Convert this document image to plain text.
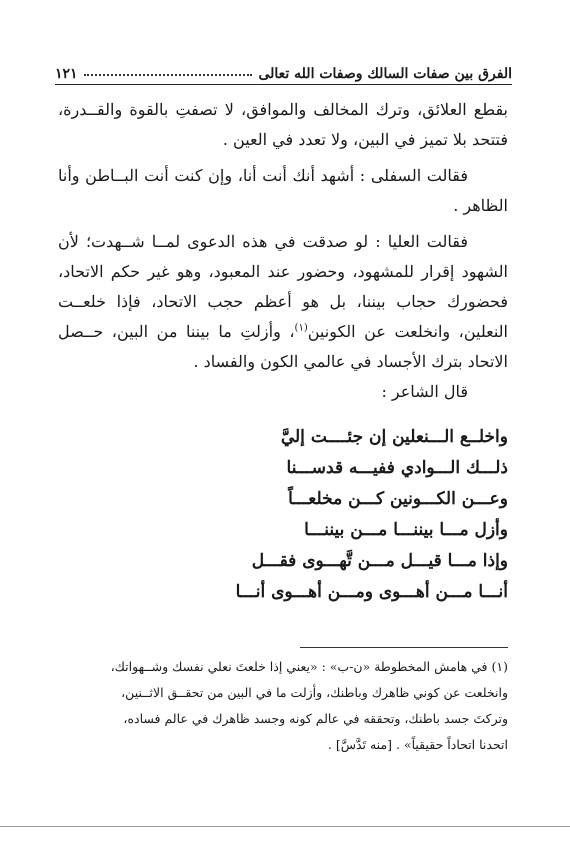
الفرق بين صفات السالك وصفات الله تعالى
١٢١

بقطع العلائق، وترك المخالف والموافق، لا تصفتِ بالقوة والقــدرة، فتتحد بلا تميز في البين، ولا تعدد في العين .

فقالت السفلى : أشهد أنك أنت أنا، وإن كنت أنت البــاطن وأنا الظاهر .

فقالت العليا : لو صدقت في هذه الدعوى لمــا شــهدت؛ لأن الشهود إقرار للمشهود، وحضور عند المعبود، وهو غير حكم الاتحاد، فحضورك حجاب بيننا، بل هو أعظم حجب الاتحاد، فإذا خلعــت النعلين، وانخلعت عن الكونين$^{(١)}$، وأزلتِ ما بيننا من البين، حــصل الاتحاد بترك الأجساد في عالمي الكون والفساد .

قال الشاعر :

واخلــع الـــنعلين إن جئــــت إليَّ
ذلـــك الـــوادي ففيـــه قدســـنا
وعـــن الكـــونين كـــن مخلعـــاً
وأزل مـــا بيننـــا مـــن بيننـــا
وإذا مـــا قيـــل مـــن تَّهـــوى فقـــل
أنـــا مـــن أهـــوى ومـــن أهـــوى أنـــا

(١) في هامش المخطوطة «ن-ب» : «يعني إذا خلعتَ نعلي نفسك وشــهواتك،

وانخلعت عن كوني ظاهرك وباطنك، وأزلت ما في البين من تحقــق الاثــنين،

وتركتَ جسد باطنك، وتحققه في عالم كونه وجسد ظاهرك في عالم فساده،

اتحدنا اتحاداً حقيقياً» . [منه تَدَّسَّ] .
